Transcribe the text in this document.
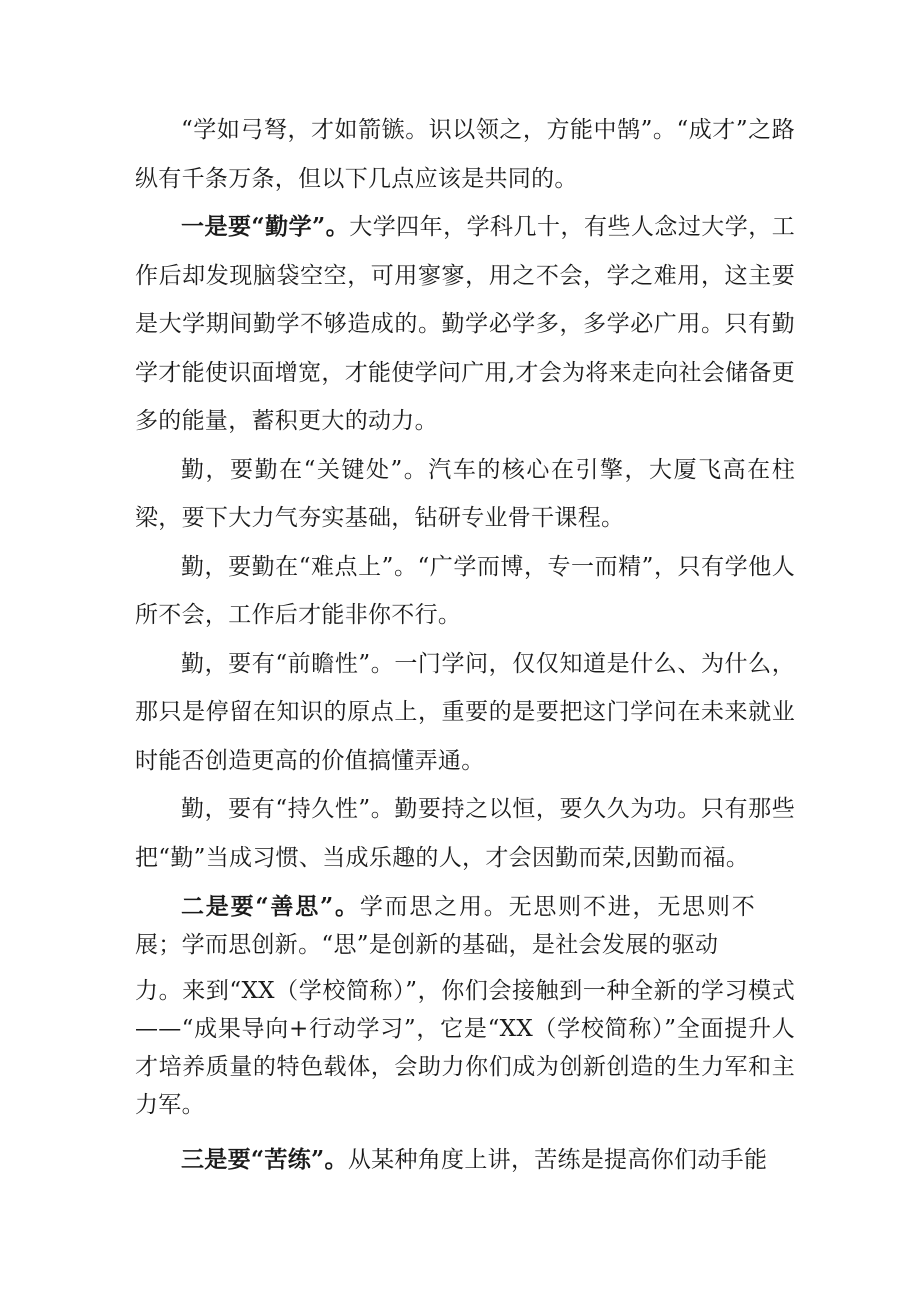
“学如弓弩，才如箭镞。识以领之，方能中鹄”。“成才”之路纵有千条万条，但以下几点应该是共同的。

一是要“勤学”。大学四年，学科几十，有些人念过大学，工作后却发现脑袋空空，可用寥寥，用之不会，学之难用，这主要是大学期间勤学不够造成的。勤学必学多，多学必广用。只有勤学才能使识面增宽，才能使学问广用,才会为将来走向社会储备更多的能量，蓄积更大的动力。

勤，要勤在“关键处”。汽车的核心在引擎，大厦飞高在柱梁，要下大力气夯实基础，钻研专业骨干课程。

勤，要勤在“难点上”。“广学而博，专一而精”，只有学他人所不会，工作后才能非你不行。

勤，要有“前瞻性”。一门学问，仅仅知道是什么、为什么，那只是停留在知识的原点上，重要的是要把这门学问在未来就业时能否创造更高的价值搞懂弄通。

勤，要有“持久性”。勤要持之以恒，要久久为功。只有那些把“勤”当成习惯、当成乐趣的人，才会因勤而荣,因勤而福。

二是要“善思”。学而思之用。无思则不进，无思则不展；学而思创新。“思”是创新的基础，是社会发展的驱动

力。来到“XX（学校简称）”，你们会接触到一种全新的学习模式——“成果导向+行动学习”，它是“XX（学校简称）”全面提升人才培养质量的特色载体，会助力你们成为创新创造的生力军和主力军。

三是要“苦练”。从某种角度上讲，苦练是提高你们动手能
